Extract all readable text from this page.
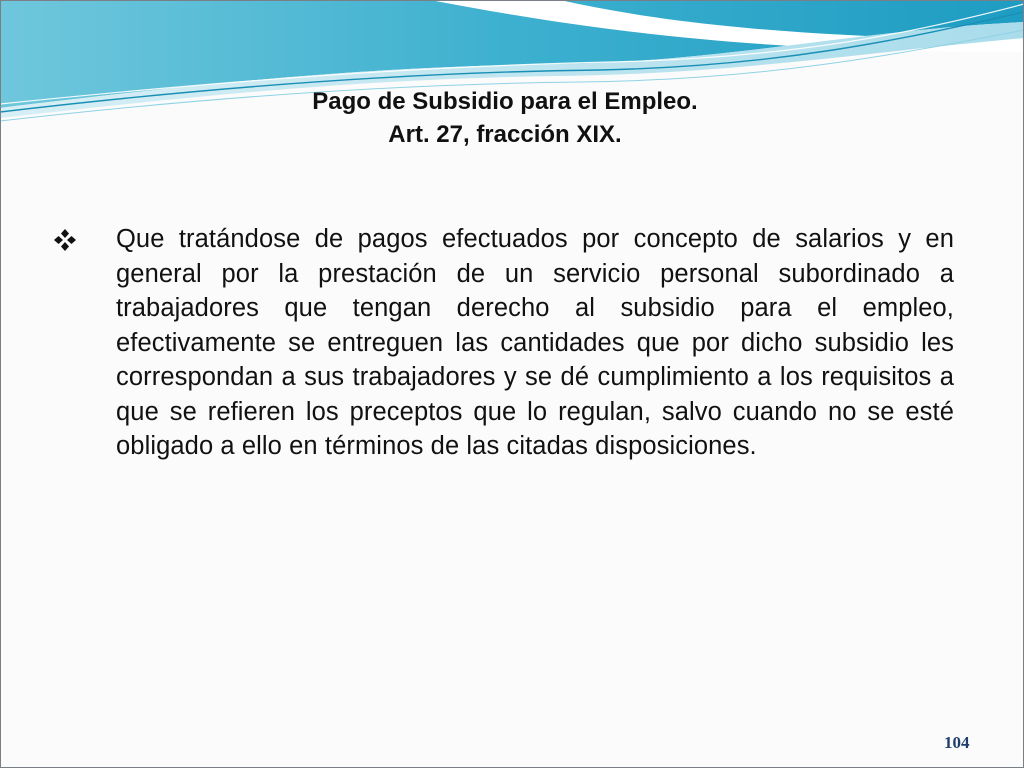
Pago de Subsidio para el Empleo.
Art. 27, fracción XIX.
Que tratándose de pagos efectuados por concepto de salarios y en general por la prestación de un servicio personal subordinado a trabajadores que tengan derecho al subsidio para el empleo, efectivamente se entreguen las cantidades que por dicho subsidio les correspondan a sus trabajadores y se dé cumplimiento a los requisitos a que se refieren los preceptos que lo regulan, salvo cuando no se esté obligado a ello en términos de las citadas disposiciones.
104
